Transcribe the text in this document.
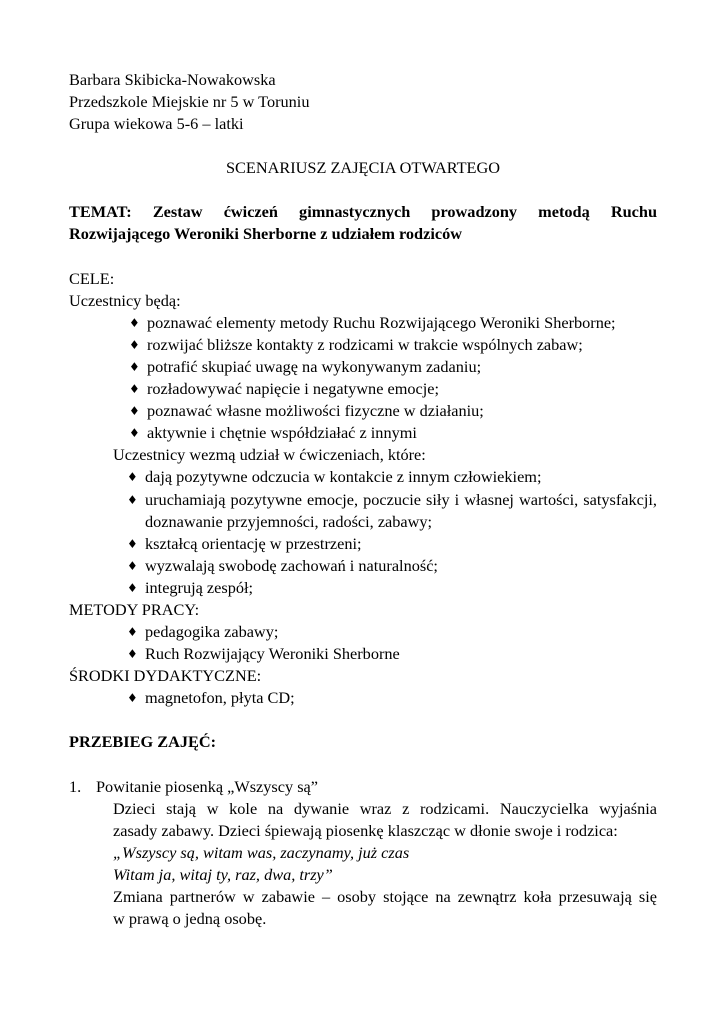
Barbara Skibicka-Nowakowska
Przedszkole Miejskie nr 5 w Toruniu
Grupa wiekowa 5-6 – latki
SCENARIUSZ ZAJĘCIA OTWARTEGO
TEMAT: Zestaw ćwiczeń gimnastycznych prowadzony metodą Ruchu
Rozwijającego Weroniki Sherborne z udziałem rodziców
CELE:
Uczestnicy będą:
♦ poznawać elementy metody Ruchu Rozwijającego Weroniki Sherborne;
♦ rozwijać bliższe kontakty z rodzicami w trakcie wspólnych zabaw;
♦ potrafić skupiać uwagę na wykonywanym zadaniu;
♦ rozładowywać napięcie i negatywne emocje;
♦ poznawać własne możliwości fizyczne w działaniu;
♦ aktywnie i chętnie współdziałać z innymi
Uczestnicy wezmą udział w ćwiczeniach, które:
♦ dają pozytywne odczucia w kontakcie z innym człowiekiem;
♦ uruchamiają pozytywne emocje, poczucie siły i własnej wartości, satysfakcji, doznawanie przyjemności, radości, zabawy;
♦ kształcą orientację w przestrzeni;
♦ wyzwalają swobodę zachowań i naturalność;
♦ integrują zespół;
METODY PRACY:
♦ pedagogika zabawy;
♦ Ruch Rozwijający Weroniki Sherborne
ŚRODKI DYDAKTYCZNE:
♦ magnetofon, płyta CD;
PRZEBIEG ZAJĘĆ:
1. Powitanie piosenką „Wszyscy są”
Dzieci stają w kole na dywanie wraz z rodzicami. Nauczycielka wyjaśnia
zasady zabawy. Dzieci śpiewają piosenkę klaszcząc w dłonie swoje i rodzica:
„Wszyscy są, witam was, zaczynamy, już czas
Witam ja, witaj ty, raz, dwa, trzy”
Zmiana partnerów w zabawie – osoby stojące na zewnątrz koła przesuwają się
w prawą o jedną osobę.
